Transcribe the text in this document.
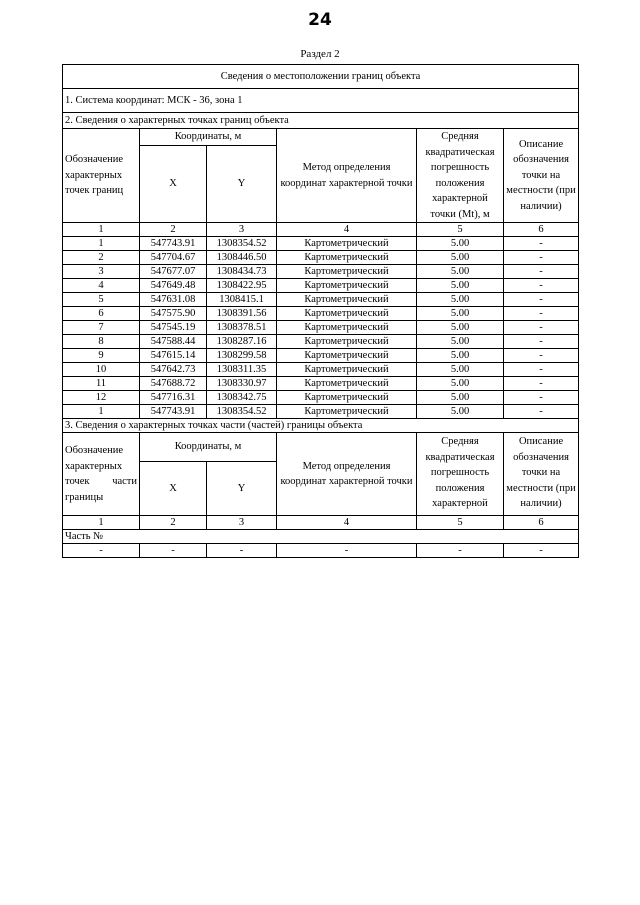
24
Раздел 2
Сведения о местоположении границ объекта					
1. Система координат: МСК - 36, зона 1					
2. Сведения о характерных точках границ объекта					
Обозначение характерных точек границ	Координаты, м		Метод определения координат характерной точки	Средняя квадратическая погрешность положения характерной точки (Mt), м	Описание обозначения точки на местности (при наличии)
	X	Y			
1	2	3	4	5	6
1	547743.91	1308354.52	Картометрический	5.00	-
2	547704.67	1308446.50	Картометрический	5.00	-
3	547677.07	1308434.73	Картометрический	5.00	-
4	547649.48	1308422.95	Картометрический	5.00	-
5	547631.08	1308415.1	Картометрический	5.00	-
6	547575.90	1308391.56	Картометрический	5.00	-
7	547545.19	1308378.51	Картометрический	5.00	-
8	547588.44	1308287.16	Картометрический	5.00	-
9	547615.14	1308299.58	Картометрический	5.00	-
10	547642.73	1308311.35	Картометрический	5.00	-
11	547688.72	1308330.97	Картометрический	5.00	-
12	547716.31	1308342.75	Картометрический	5.00	-
1	547743.91	1308354.52	Картометрический	5.00	-
3. Сведения о характерных точках части (частей) границы объекта					
Обозначение характерных точек части границы	Координаты, м		Метод определения координат характерной точки	Средняя квадратическая погрешность положения характерной	Описание обозначения точки на местности (при наличии)

	X	Y			
1	2	3	4	5	6
Часть №					
-	-	-	-	-	-
